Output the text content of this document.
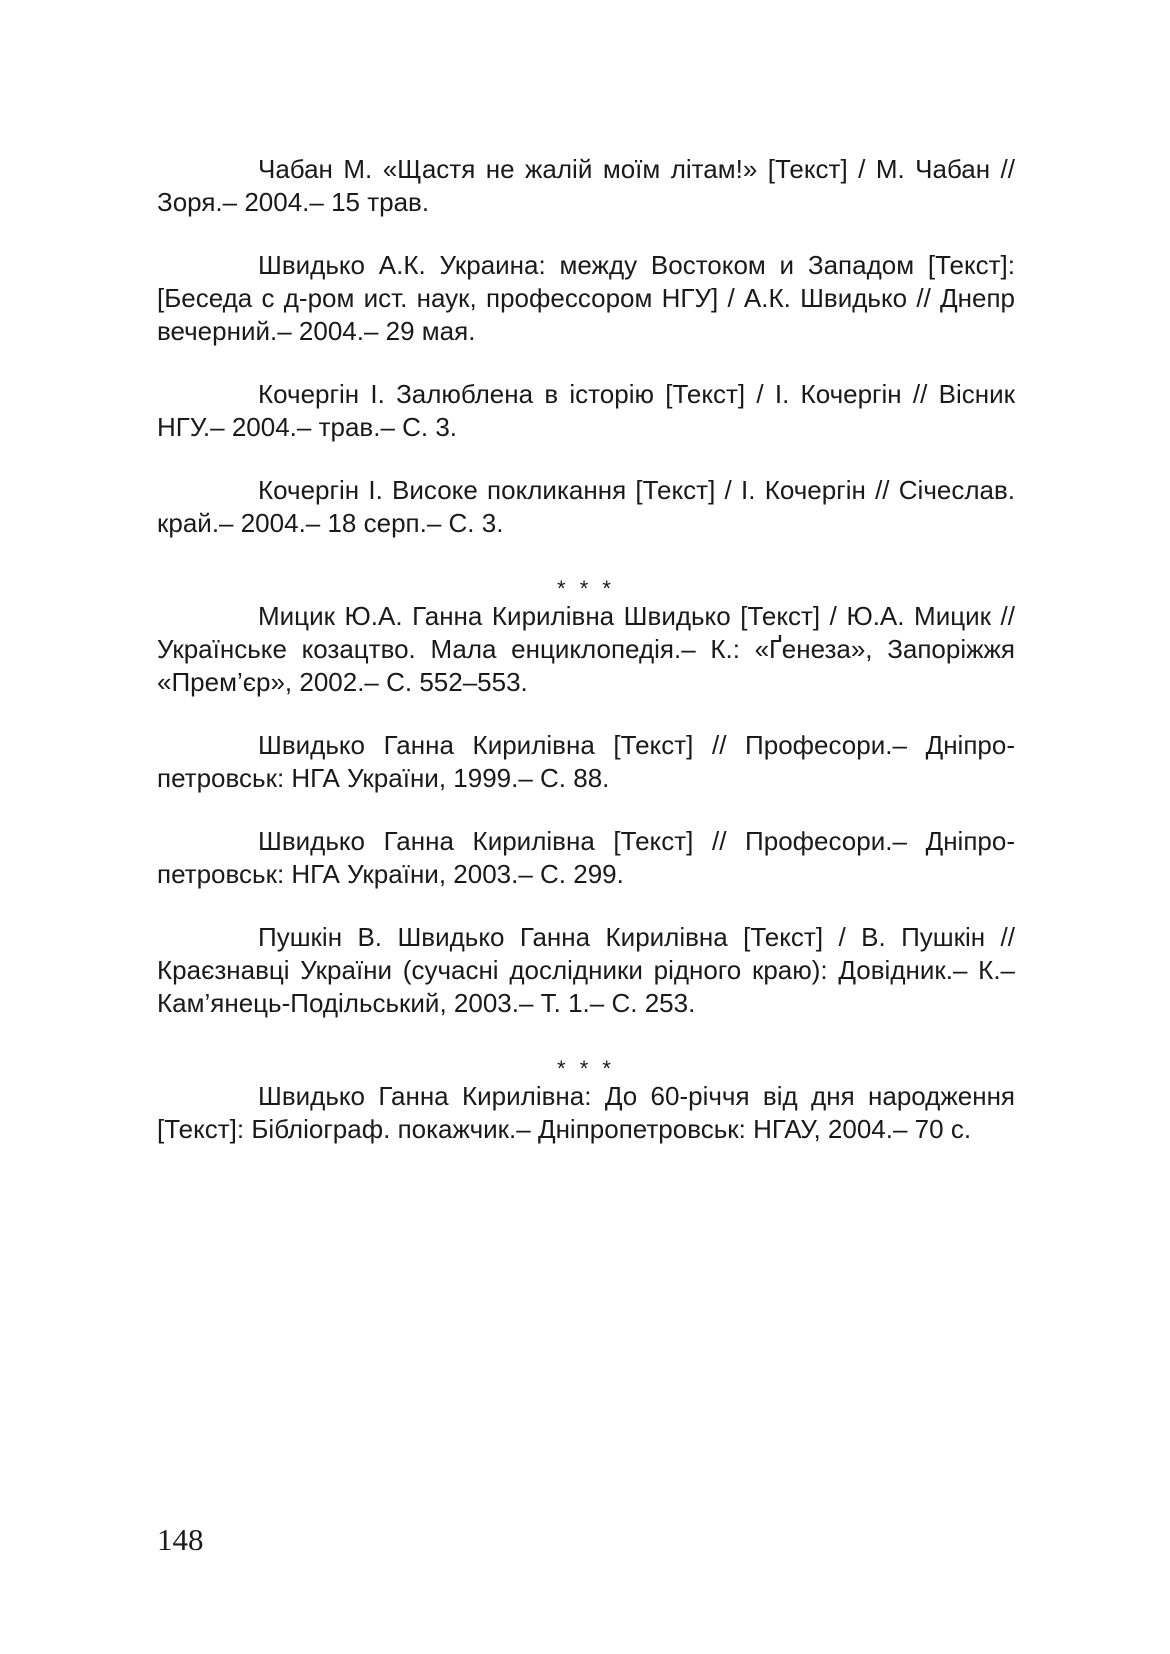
Чабан М. «Щастя не жалій моїм літам!» [Текст] / М. Чабан // Зоря.– 2004.– 15 трав.

Швидько А.К. Украина: между Востоком и Западом [Текст]: [Беседа с д-ром ист. наук, профессором НГУ] / А.К. Швидько // Днепр вечерний.– 2004.– 29 мая.

Кочергін І. Залюблена в історію [Текст] / І. Кочергін // Вісник НГУ.– 2004.– трав.– С. 3.

Кочергін І. Високе покликання [Текст] / І. Кочергін // Січеслав. край.– 2004.– 18 серп.– С. 3.

* * *

Мицик Ю.А. Ганна Кирилівна Швидько [Текст] / Ю.А. Мицик // Українське козацтво. Мала енциклопедія.– К.: «Ґенеза», Запоріжжя «Прем’єр», 2002.– С. 552–553.

Швидько Ганна Кирилівна [Текст] // Професори.– Дніпропетровськ: НГА України, 1999.– С. 88.

Швидько Ганна Кирилівна [Текст] // Професори.– Дніпропетровськ: НГА України, 2003.– С. 299.

Пушкін В. Швидько Ганна Кирилівна [Текст] / В. Пушкін // Краєзнавці України (сучасні дослідники рідного краю): Довідник.– К.–Кам’янець-Подільський, 2003.– Т. 1.– С. 253.

* * *

Швидько Ганна Кирилівна: До 60-річчя від дня народження [Текст]: Бібліограф. покажчик.– Дніпропетровськ: НГАУ, 2004.– 70 с.

148
